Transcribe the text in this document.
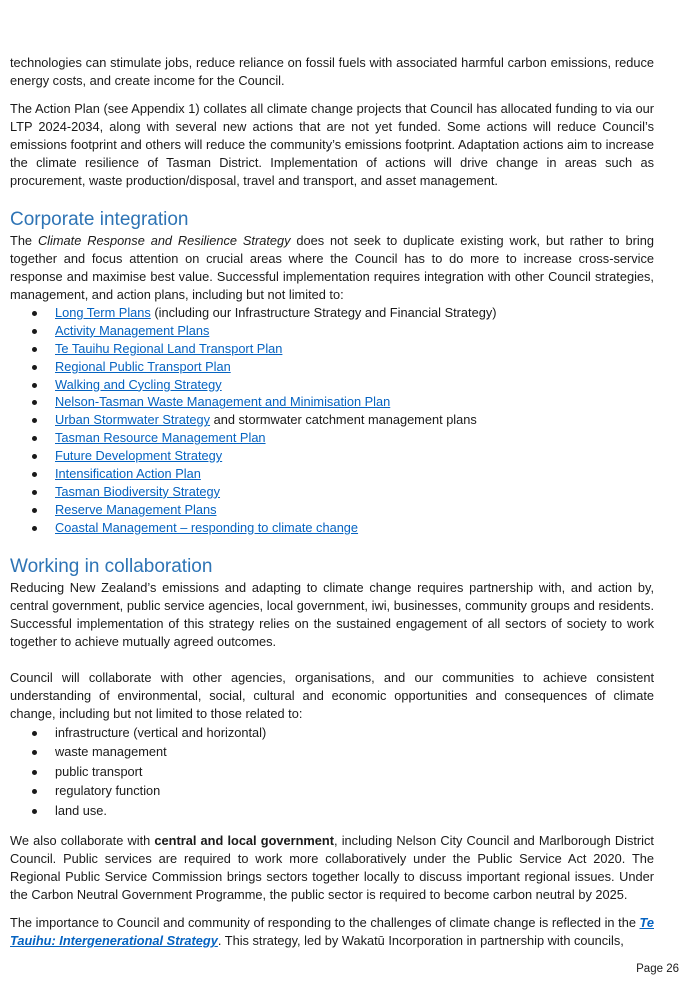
technologies can stimulate jobs, reduce reliance on fossil fuels with associated harmful carbon emissions, reduce energy costs, and create income for the Council.

The Action Plan (see Appendix 1) collates all climate change projects that Council has allocated funding to via our LTP 2024-2034, along with several new actions that are not yet funded. Some actions will reduce Council’s emissions footprint and others will reduce the community’s emissions footprint. Adaptation actions aim to increase the climate resilience of Tasman District. Implementation of actions will drive change in areas such as procurement, waste production/disposal, travel and transport, and asset management.

Corporate integration

The Climate Response and Resilience Strategy does not seek to duplicate existing work, but rather to bring together and focus attention on crucial areas where the Council has to do more to increase cross-service response and maximise best value. Successful implementation requires integration with other Council strategies, management, and action plans, including but not limited to:

Long Term Plans (including our Infrastructure Strategy and Financial Strategy)
Activity Management Plans
Te Tauihu Regional Land Transport Plan
Regional Public Transport Plan
Walking and Cycling Strategy
Nelson-Tasman Waste Management and Minimisation Plan
Urban Stormwater Strategy and stormwater catchment management plans
Tasman Resource Management Plan
Future Development Strategy
Intensification Action Plan
Tasman Biodiversity Strategy
Reserve Management Plans
Coastal Management – responding to climate change
Working in collaboration

Reducing New Zealand’s emissions and adapting to climate change requires partnership with, and action by, central government, public service agencies, local government, iwi, businesses, community groups and residents. Successful implementation of this strategy relies on the sustained engagement of all sectors of society to work together to achieve mutually agreed outcomes.

Council will collaborate with other agencies, organisations, and our communities to achieve consistent understanding of environmental, social, cultural and economic opportunities and consequences of climate change, including but not limited to those related to:

infrastructure (vertical and horizontal)
waste management
public transport
regulatory function
land use.

We also collaborate with central and local government, including Nelson City Council and Marlborough District Council. Public services are required to work more collaboratively under the Public Service Act 2020. The Regional Public Service Commission brings sectors together locally to discuss important regional issues. Under the Carbon Neutral Government Programme, the public sector is required to become carbon neutral by 2025.

The importance to Council and community of responding to the challenges of climate change is reflected in the Te Tauihu: Intergenerational Strategy. This strategy, led by Wakatū Incorporation in partnership with councils,

Page 26
